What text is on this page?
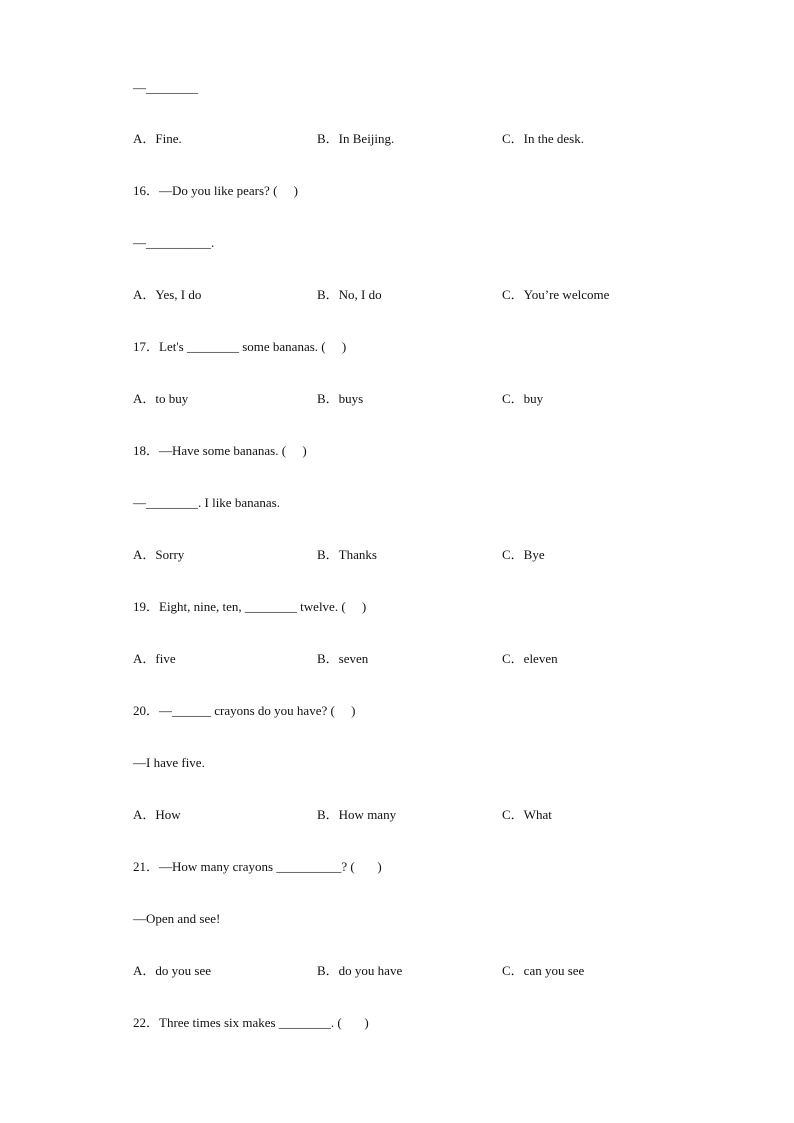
—________
A．Fine.	B．In Beijing.	C．In the desk.
16．—Do you like pears? (     )
—__________.
A．Yes, I do	B．No, I do	C．You’re welcome
17．Let's ________ some bananas. (     )
A．to buy	B．buys	C．buy
18．—Have some bananas. (     )
—________. I like bananas.
A．Sorry	B．Thanks	C．Bye
19．Eight, nine, ten, ________ twelve. (     )
A．five	B．seven	C．eleven
20．—______ crayons do you have? (     )
—I have five.
A．How	B．How many	C．What
21．—How many crayons __________? (       )
—Open and see!
A．do you see	B．do you have	C．can you see
22．Three times six makes ________. (       )
